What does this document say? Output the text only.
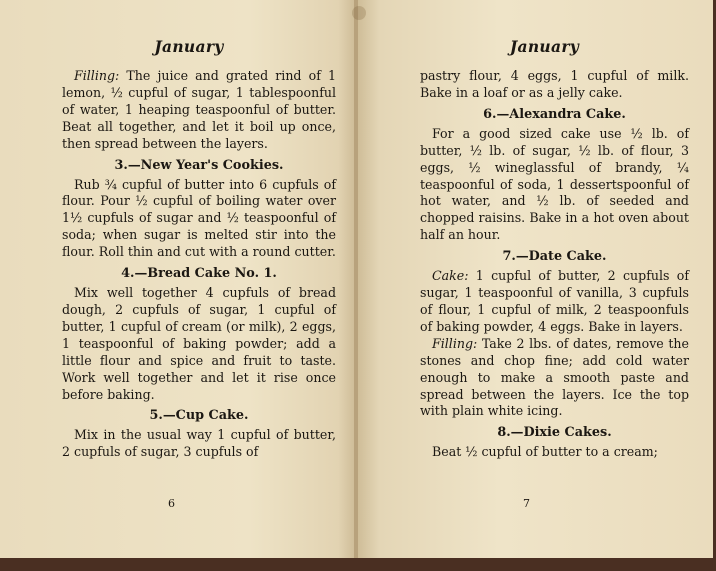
January

Filling: The juice and grated rind of 1 lemon, ½ cupful of sugar, 1 tablespoonful of water, 1 heaping teaspoonful of butter. Beat all together, and let it boil up once, then spread between the layers.

3.—New Year's Cookies.

Rub ¾ cupful of butter into 6 cupfuls of flour. Pour ½ cupful of boiling water over 1½ cupfuls of sugar and ½ teaspoonful of soda; when sugar is melted stir into the flour. Roll thin and cut with a round cutter.

4.—Bread Cake No. 1.

Mix well together 4 cupfuls of bread dough, 2 cupfuls of sugar, 1 cupful of butter, 1 cupful of cream (or milk), 2 eggs, 1 teaspoonful of baking powder; add a little flour and spice and fruit to taste. Work well together and let it rise once before baking.

5.—Cup Cake.

Mix in the usual way 1 cupful of butter, 2 cupfuls of sugar, 3 cupfuls of

6
January

pastry flour, 4 eggs, 1 cupful of milk. Bake in a loaf or as a jelly cake.

6.—Alexandra Cake.

For a good sized cake use ½ lb. of butter, ½ lb. of sugar, ½ lb. of flour, 3 eggs, ½ wineglassful of brandy, ¼ teaspoonful of soda, 1 dessertspoonful of hot water, and ½ lb. of seeded and chopped raisins. Bake in a hot oven about half an hour.

7.—Date Cake.

Cake: 1 cupful of butter, 2 cupfuls of sugar, 1 teaspoonful of vanilla, 3 cupfuls of flour, 1 cupful of milk, 2 teaspoonfuls of baking powder, 4 eggs. Bake in layers.

Filling: Take 2 lbs. of dates, remove the stones and chop fine; add cold water enough to make a smooth paste and spread between the layers. Ice the top with plain white icing.

8.—Dixie Cakes.

Beat ½ cupful of butter to a cream;

7
